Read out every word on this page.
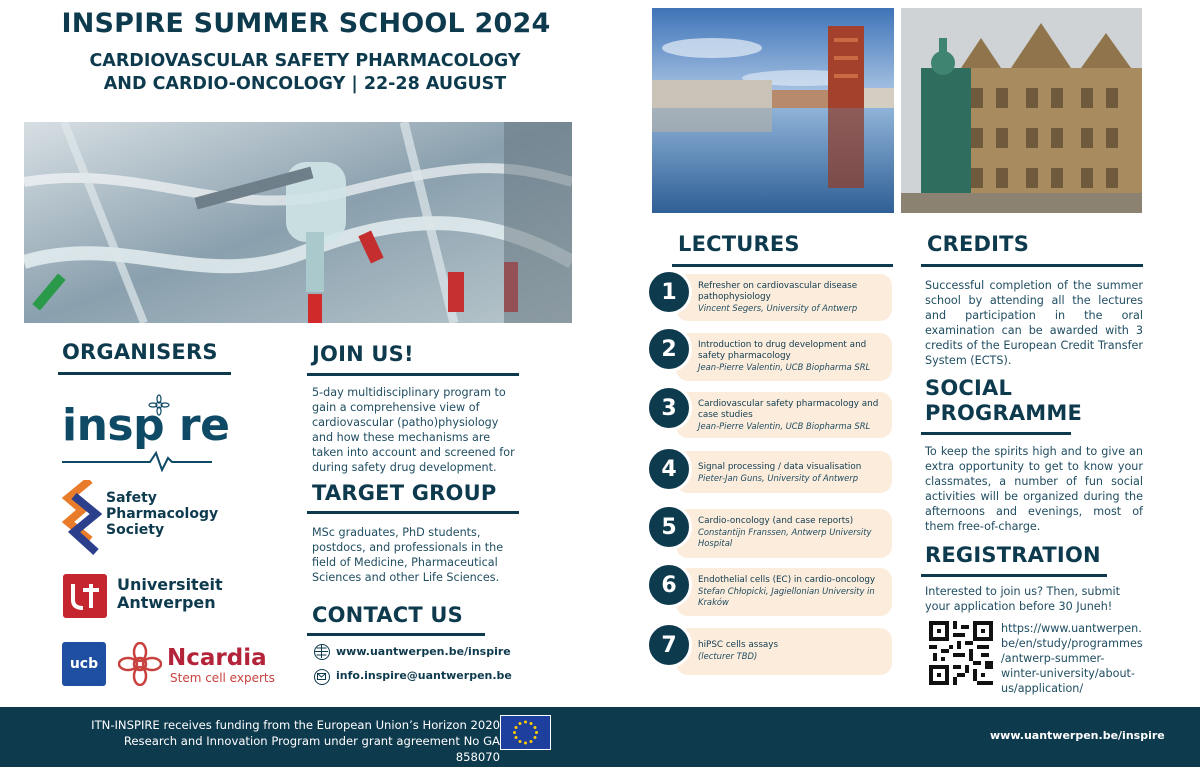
INSPIRE SUMMER SCHOOL 2024
CARDIOVASCULAR SAFETY PHARMACOLOGY
AND CARDIO-ONCOLOGY | 22-28 AUGUST
ORGANISERS
insp re
Safety
Pharmacology
Society
Universiteit
Antwerpen
ucb	Ncardia
Stem cell experts
JOIN US!
5-day multidisciplinary program to gain a comprehensive view of cardiovascular (patho)physiology and how these mechanisms are taken into account and screened for during safety drug development.
TARGET GROUP
MSc graduates, PhD students, postdocs, and professionals in the field of Medicine, Pharmaceutical Sciences and other Life Sciences.
CONTACT US
www.uantwerpen.be/inspire
info.inspire@uantwerpen.be
LECTURES
Refresher on cardiovascular disease pathophysiology
Vincent Segers, University of Antwerp
1
Introduction to drug development and safety pharmacology
Jean-Pierre Valentin, UCB Biopharma SRL
2
Cardiovascular safety pharmacology and case studies
Jean-Pierre Valentin, UCB Biopharma SRL
3
Signal processing / data visualisation
Pieter-Jan Guns, University of Antwerp
4
Cardio-oncology (and case reports)
Constantijn Franssen, Antwerp University Hospital
5
Endothelial cells (EC) in cardio-oncology
Stefan Chłopicki, Jagiellonian University in Kraków
6
hiPSC cells assays
(lecturer TBD)
7
CREDITS
Successful completion of the summer school by attending all the lectures and participation in the oral examination can be awarded with 3 credits of the European Credit Transfer System (ECTS).
SOCIAL
PROGRAMME
To keep the spirits high and to give an extra opportunity to get to know your classmates, a number of fun social activities will be organized during the afternoons and evenings, most of them free-of-charge.
REGISTRATION
Interested to join us? Then, submit your application before 30 Juneh!
https://www.uantwerpen.
be/en/study/programmes
/antwerp-summer-
winter-university/about-
us/application/
ITN-INSPIRE receives funding from the European Union’s Horizon 2020
Research and Innovation Program under grant agreement No GA 858070
www.uantwerpen.be/inspire
